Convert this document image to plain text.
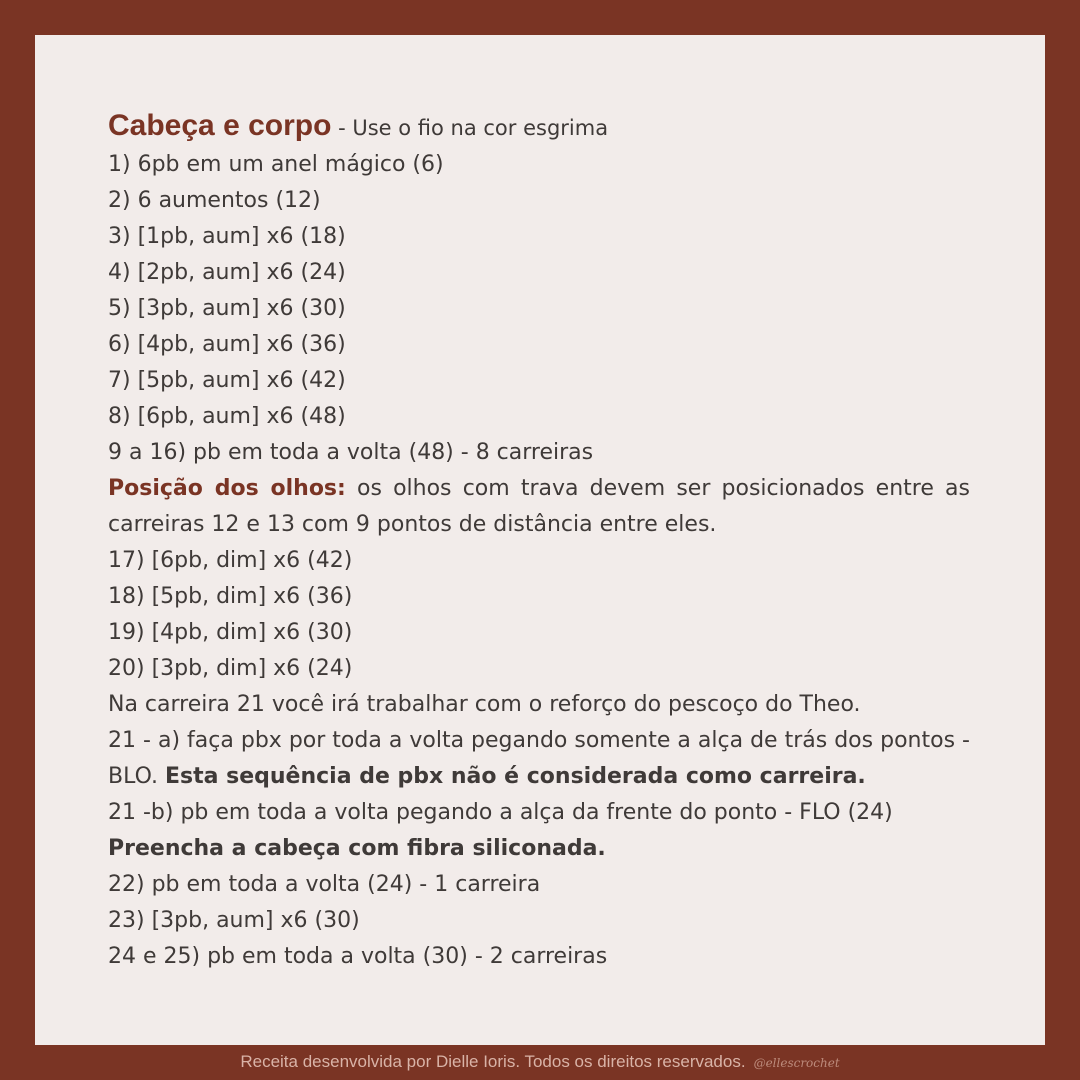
Cabeça e corpo - Use o fio na cor esgrima
1) 6pb em um anel mágico (6)
2) 6 aumentos (12)
3) [1pb, aum] x6 (18)
4) [2pb, aum] x6 (24)
5) [3pb, aum] x6 (30)
6) [4pb, aum] x6 (36)
7) [5pb, aum] x6 (42)
8) [6pb, aum] x6 (48)
9 a 16) pb em toda a volta (48) - 8 carreiras
Posição dos olhos: os olhos com trava devem ser posicionados entre as carreiras 12 e 13 com 9 pontos de distância entre eles.
17) [6pb, dim] x6 (42)
18) [5pb, dim] x6 (36)
19) [4pb, dim] x6 (30)
20) [3pb, dim] x6 (24)
Na carreira 21 você irá trabalhar com o reforço do pescoço do Theo.
21 - a) faça pbx por toda a volta pegando somente a alça de trás dos pontos - BLO. Esta sequência de pbx não é considerada como carreira.
21 -b) pb em toda a volta pegando a alça da frente do ponto - FLO (24)
Preencha a cabeça com fibra siliconada.
22) pb em toda a volta (24) - 1 carreira
23) [3pb, aum] x6 (30)
24 e 25) pb em toda a volta (30) - 2 carreiras
Receita desenvolvida por Dielle Ioris. Todos os direitos reservados. @ellescrochet
